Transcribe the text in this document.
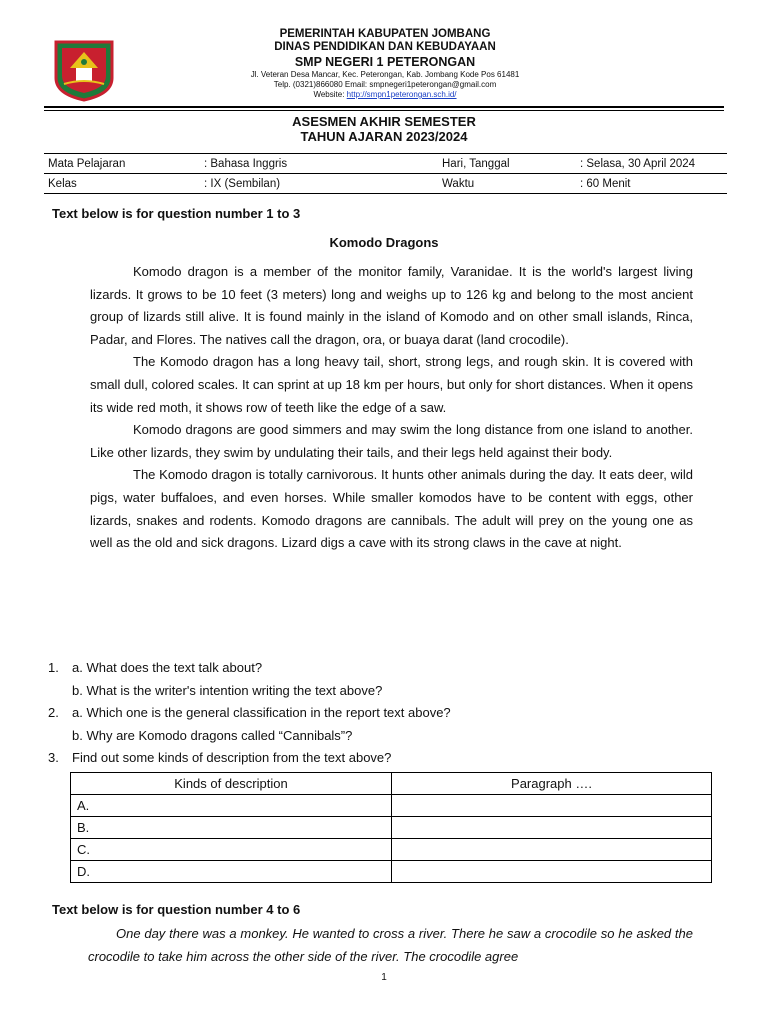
PEMERINTAH KABUPATEN JOMBANG
DINAS PENDIDIKAN DAN KEBUDAYAAN
SMP NEGERI 1 PETERONGAN
Jl. Veteran Desa Mancar, Kec. Peterongan, Kab. Jombang Kode Pos 61481
Telp. (0321)866080 Email: smpnegeri1peterongan@gmail.com
Website: http://smpn1peterongan.sch.id/
ASESMEN AKHIR SEMESTER
TAHUN AJARAN 2023/2024
Mata Pelajaran	: Bahasa Inggris	Hari, Tanggal	: Selasa, 30 April 2024
Kelas	: IX (Sembilan)	Waktu	: 60 Menit
Text below is for question number 1 to 3
Komodo Dragons

Komodo dragon is a member of the monitor family, Varanidae. It is the world's largest living lizards. It grows to be 10 feet (3 meters) long and weighs up to 126 kg and belong to the most ancient group of lizards still alive. It is found mainly in the island of Komodo and on other small islands, Rinca, Padar, and Flores. The natives call the dragon, ora, or buaya darat (land crocodile).

The Komodo dragon has a long heavy tail, short, strong legs, and rough skin. It is covered with small dull, colored scales. It can sprint at up 18 km per hours, but only for short distances. When it opens its wide red moth, it shows row of teeth like the edge of a saw.

Komodo dragons are good simmers and may swim the long distance from one island to another. Like other lizards, they swim by undulating their tails, and their legs held against their body.

The Komodo dragon is totally carnivorous. It hunts other animals during the day. It eats deer, wild pigs, water buffaloes, and even horses. While smaller komodos have to be content with eggs, other lizards, snakes and rodents. Komodo dragons are cannibals. The adult will prey on the young one as well as the old and sick dragons. Lizard digs a cave with its strong claws in the cave at night.

1. a. What does the text talk about?
b. What is the writer's intention writing the text above?
2. a. Which one is the general classification in the report text above?
b. Why are Komodo dragons called “Cannibals”?
3. Find out some kinds of description from the text above?
Kinds of description	Paragraph ….
A.	
B.	
C.	
D.	
Text below is for question number 4 to 6

One day there was a monkey. He wanted to cross a river. There he saw a crocodile so he asked the crocodile to take him across the other side of the river. The crocodile agree

1
